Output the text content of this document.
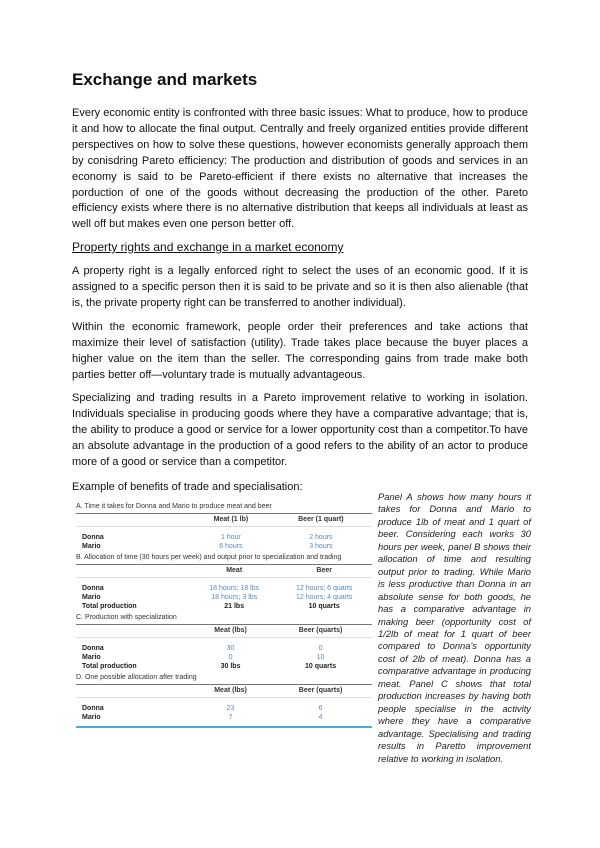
Exchange and markets

Every economic entity is confronted with three basic issues: What to produce, how to produce it and how to allocate the final output. Centrally and freely organized entities provide different perspectives on how to solve these questions, however economists generally approach them by conisdring Pareto efficiency: The production and distribution of goods and services in an economy is said to be Pareto-efficient if there exists no alternative that increases the porduction of one of the goods without decreasing the production of the other. Pareto efficiency exists where there is no alternative distribution that keeps all individuals at least as well off but makes even one person better off.

Property rights and exchange in a market economy

A property right is a legally enforced right to select the uses of an economic good. If it is assigned to a specific person then it is said to be private and so it is then also alienable (that is, the private property right can be transferred to another individual).

Within the economic framework, people order their preferences and take actions that maximize their level of satisfaction (utility). Trade takes place because the buyer places a higher value on the item than the seller. The corresponding gains from trade make both parties better off—voluntary trade is mutually advantageous.

Specializing and trading results in a Pareto improvement relative to working in isolation. Individuals specialise in producing goods where they have a comparative advantage; that is, the ability to produce a good or service for a lower opportunity cost than a competitor.To have an absolute advantage in the production of a good refers to the ability of an actor to produce more of a good or service than a competitor.

Example of benefits of trade and specialisation:

A. Time it takes for Donna and Mario to produce meat and beer
	Meat (1 lb)	Beer (1 quart)

Donna	1 hour	2 hours
Mario	6 hours	3 hours
B. Allocation of time (30 hours per week) and output prior to specialization and trading
	Meat	Beer

Donna	18 hours; 18 lbs	12 hours; 6 quarts
Mario	18 hours; 3 lbs	12 hours; 4 quarts
Total production	21 lbs	10 quarts
C. Production with specialization
	Meat (lbs)	Beer (quarts)

Donna	30	0
Mario	0	10
Total production	30 lbs	10 quarts
D. One possible allocation after trading
	Meat (lbs)	Beer (quarts)

Donna	23	6
Mario	7	4

Panel A shows how many hours it takes for Donna and Mario to produce 1lb of meat and 1 quart of beer. Considering each works 30 hours per week, panel B shows their allocation of time and resulting output prior to trading. While Mario is less productive than Donna in an absolute sense for both goods, he has a comparative advantage in making beer (opportunity cost of 1/2lb of meat for 1 quart of beer compared to Donna's opportunity cost of 2lb of meat). Donna has a comparative advantage in producing meat. Panel C shows that total production increases by having both people specialise in the activity where they have a comparative advantage. Specialising and trading results in Paretto improvement relative to working in isolation.
